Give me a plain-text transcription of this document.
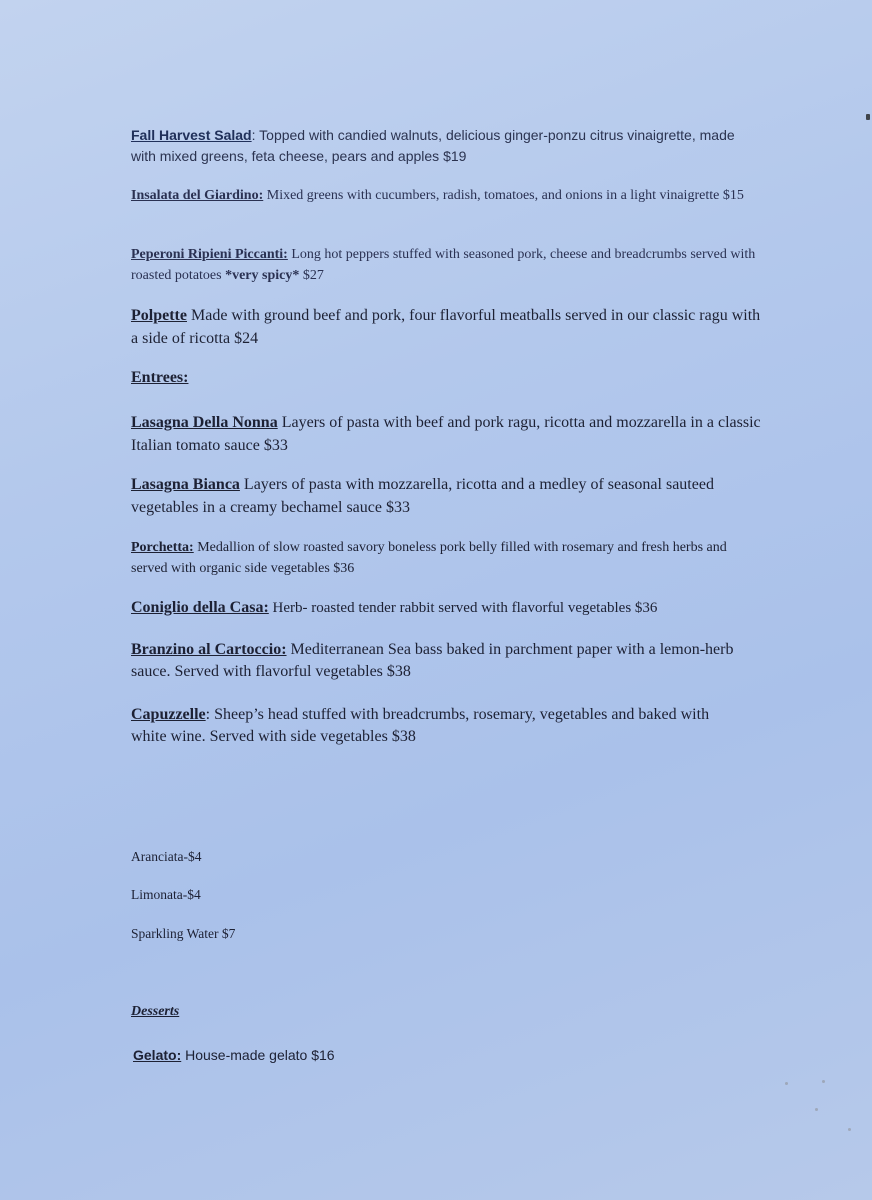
Fall Harvest Salad: Topped with candied walnuts, delicious ginger-ponzu citrus vinaigrette, made with mixed greens, feta cheese, pears and apples $19

Insalata del Giardino: Mixed greens with cucumbers, radish, tomatoes, and onions in a light vinaigrette $15

Peperoni Ripieni Piccanti: Long hot peppers stuffed with seasoned pork, cheese and breadcrumbs served with roasted potatoes *very spicy* $27

Polpette Made with ground beef and pork, four flavorful meatballs served in our classic ragu with a side of ricotta $24

Entrees:

Lasagna Della Nonna Layers of pasta with beef and pork ragu, ricotta and mozzarella in a classic Italian tomato sauce $33

Lasagna Bianca Layers of pasta with mozzarella, ricotta and a medley of seasonal sauteed vegetables in a creamy bechamel sauce $33

Porchetta: Medallion of slow roasted savory boneless pork belly filled with rosemary and fresh herbs and served with organic side vegetables $36

Coniglio della Casa: Herb- roasted tender rabbit served with flavorful vegetables $36

Branzino al Cartoccio: Mediterranean Sea bass baked in parchment paper with a lemon-herb sauce. Served with flavorful vegetables $38

Capuzzelle: Sheep’s head stuffed with breadcrumbs, rosemary, vegetables and baked with white wine. Served with side vegetables $38

Aranciata-$4

Limonata-$4

Sparkling Water $7

Desserts

Gelato: House-made gelato $16
